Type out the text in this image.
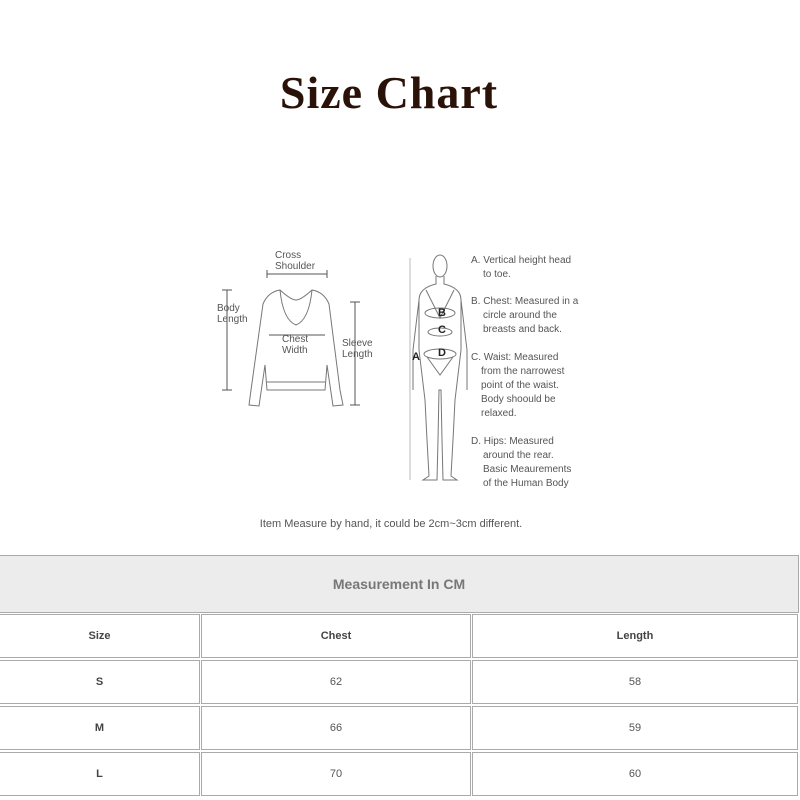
Size Chart
Cross
Shoulder
Body
Length
Chest
Width
Sleeve
Length	A
B
C
D
A. Vertical height head
to toe.
B. Chest: Measured in a
circle around the
breasts and back.
C. Waist: Measured
from the narrowest
point of the waist.
Body shoould be
relaxed.
D. Hips: Measured
around the rear.
Basic Meaurements
of the Human Body
Item Measure by hand, it could be 2cm~3cm different.
Measurement In CM
Size	Chest	Length
S	62	58
M	66	59
L	70	60
